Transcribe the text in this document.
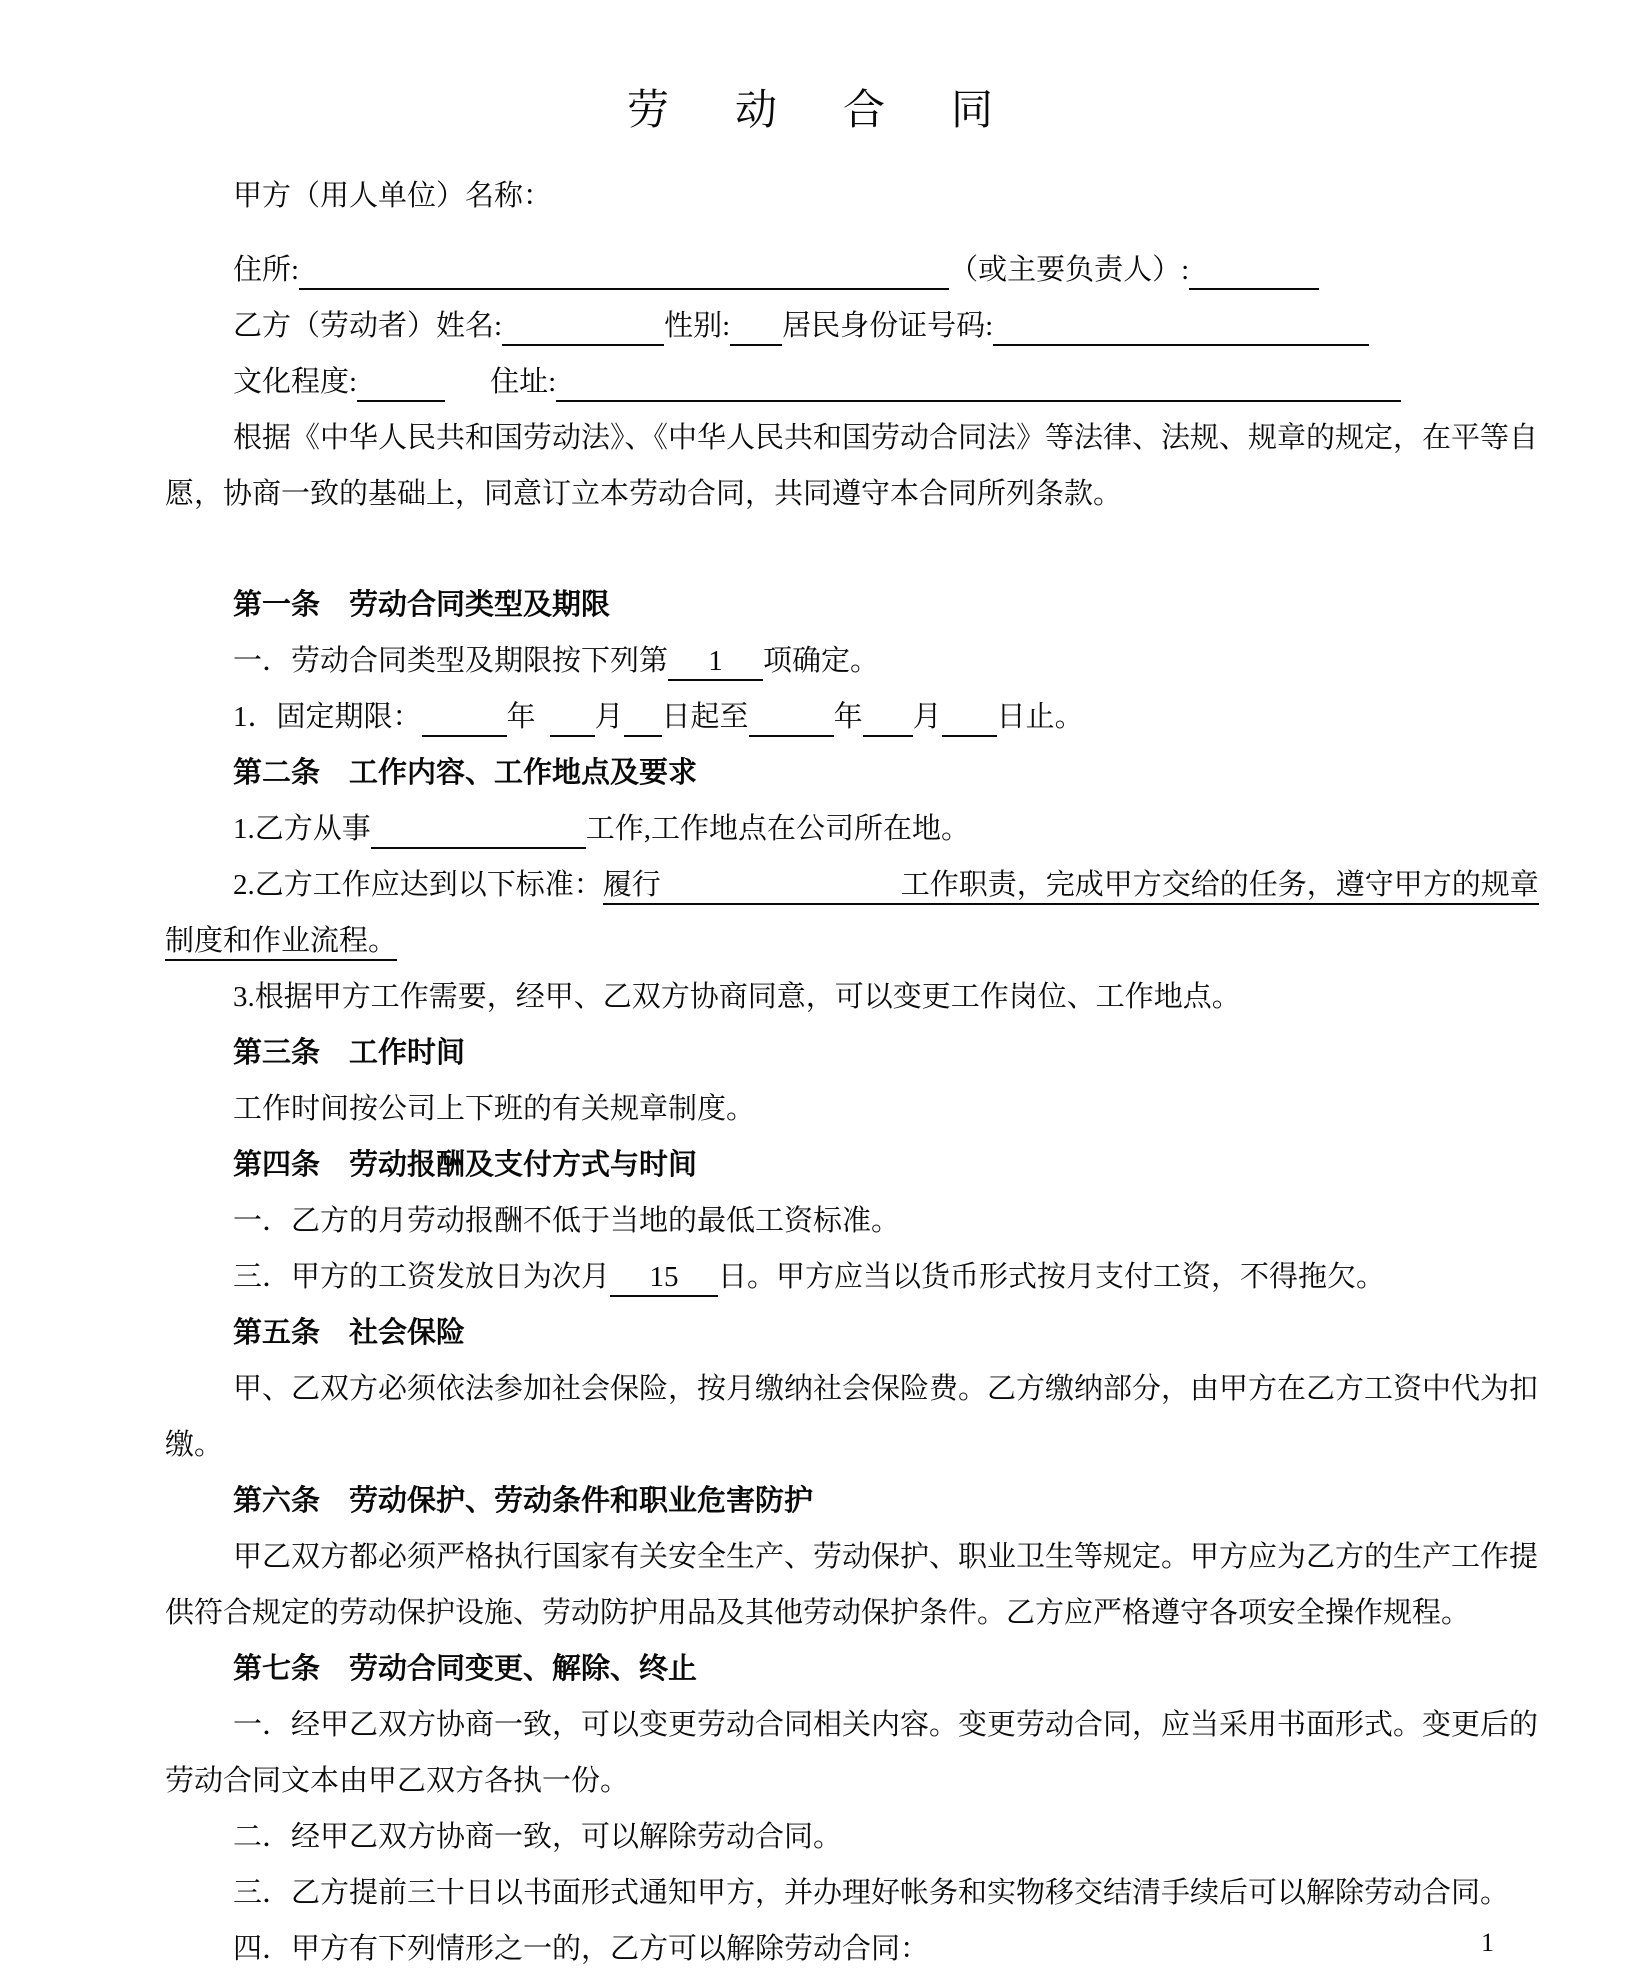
劳　动　合　同
甲方（用人单位）名称：
住所:	（或主要负责人）:
乙方（劳动者）姓名:	性别: 居民身份证号码:
文化程度:	住址:
根据《中华人民共和国劳动法》、《中华人民共和国劳动合同法》等法律、法规、规章的规定，在平等自
愿，协商一致的基础上，同意订立本劳动合同，共同遵守本合同所列条款。
第一条　劳动合同类型及期限
一．劳动合同类型及期限按下列第 1 项确定。
1．固定期限：	年 月 日起至	年 月 日止。
第二条　工作内容、工作地点及要求
1.乙方从事	工作,工作地点在公司所在地。
2.乙方工作应达到以下标准：履行	工作职责，完成甲方交给的任务，遵守甲方的规章
制度和作业流程。
3.根据甲方工作需要，经甲、乙双方协商同意，可以变更工作岗位、工作地点。
第三条　工作时间
工作时间按公司上下班的有关规章制度。
第四条　劳动报酬及支付方式与时间
一．乙方的月劳动报酬不低于当地的最低工资标准。
三．甲方的工资发放日为次月 15 日。甲方应当以货币形式按月支付工资，不得拖欠。
第五条　社会保险
甲、乙双方必须依法参加社会保险，按月缴纳社会保险费。乙方缴纳部分，由甲方在乙方工资中代为扣
缴。
第六条　劳动保护、劳动条件和职业危害防护
甲乙双方都必须严格执行国家有关安全生产、劳动保护、职业卫生等规定。甲方应为乙方的生产工作提
供符合规定的劳动保护设施、劳动防护用品及其他劳动保护条件。乙方应严格遵守各项安全操作规程。
第七条　劳动合同变更、解除、终止
一．经甲乙双方协商一致，可以变更劳动合同相关内容。变更劳动合同，应当采用书面形式。变更后的
劳动合同文本由甲乙双方各执一份。
二．经甲乙双方协商一致，可以解除劳动合同。
三．乙方提前三十日以书面形式通知甲方，并办理好帐务和实物移交结清手续后可以解除劳动合同。
四．甲方有下列情形之一的，乙方可以解除劳动合同：	1
